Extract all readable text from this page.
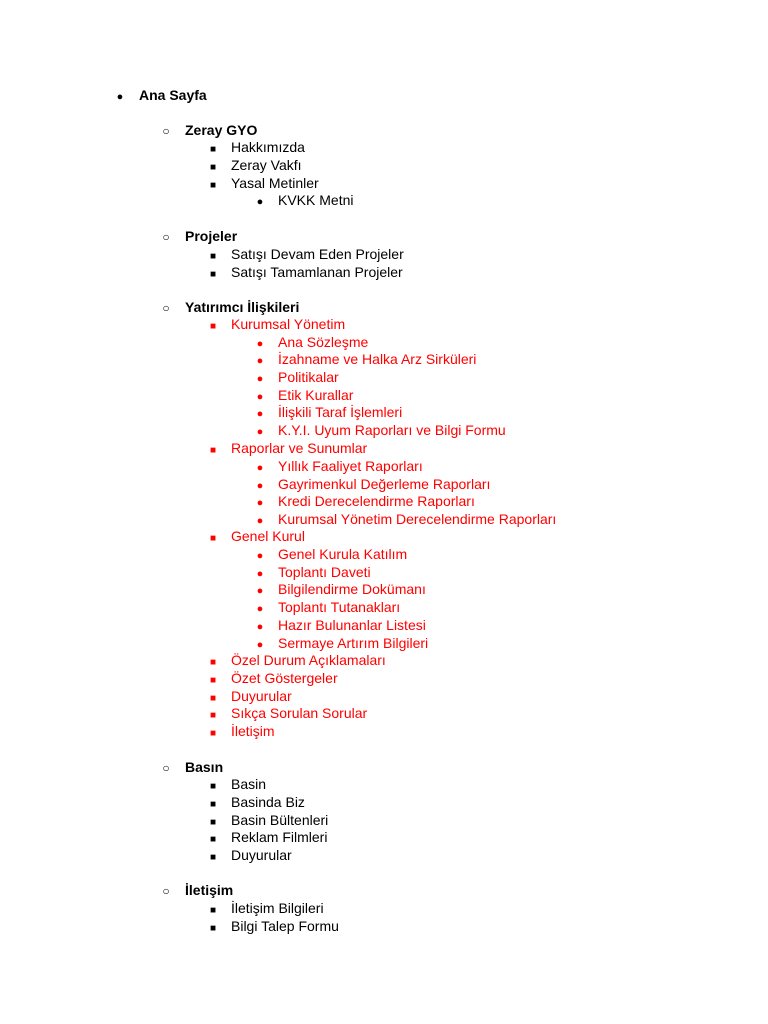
●
Ana Sayfa
○
Zeray GYO
■
Hakkımızda
■
Zeray Vakfı
■
Yasal Metinler
●
KVKK Metni
○
Projeler
■
Satışı Devam Eden Projeler
■
Satışı Tamamlanan Projeler
○
Yatırımcı İlişkileri
■
Kurumsal Yönetim
●
Ana Sözleşme
●
İzahname ve Halka Arz Sirküleri
●
Politikalar
●
Etik Kurallar
●
İlişkili Taraf İşlemleri
●
K.Y.I. Uyum Raporları ve Bilgi Formu
■
Raporlar ve Sunumlar
●
Yıllık Faaliyet Raporları
●
Gayrimenkul Değerleme Raporları
●
Kredi Derecelendirme Raporları
●
Kurumsal Yönetim Derecelendirme Raporları
■
Genel Kurul
●
Genel Kurula Katılım
●
Toplantı Daveti
●
Bilgilendirme Dokümanı
●
Toplantı Tutanakları
●
Hazır Bulunanlar Listesi
●
Sermaye Artırım Bilgileri
■
Özel Durum Açıklamaları
■
Özet Göstergeler
■
Duyurular
■
Sıkça Sorulan Sorular
■
İletişim
○
Basın
■
Basin
■
Basinda Biz
■
Basin Bültenleri
■
Reklam Filmleri
■
Duyurular
○
İletişim
■
İletişim Bilgileri
■
Bilgi Talep Formu
